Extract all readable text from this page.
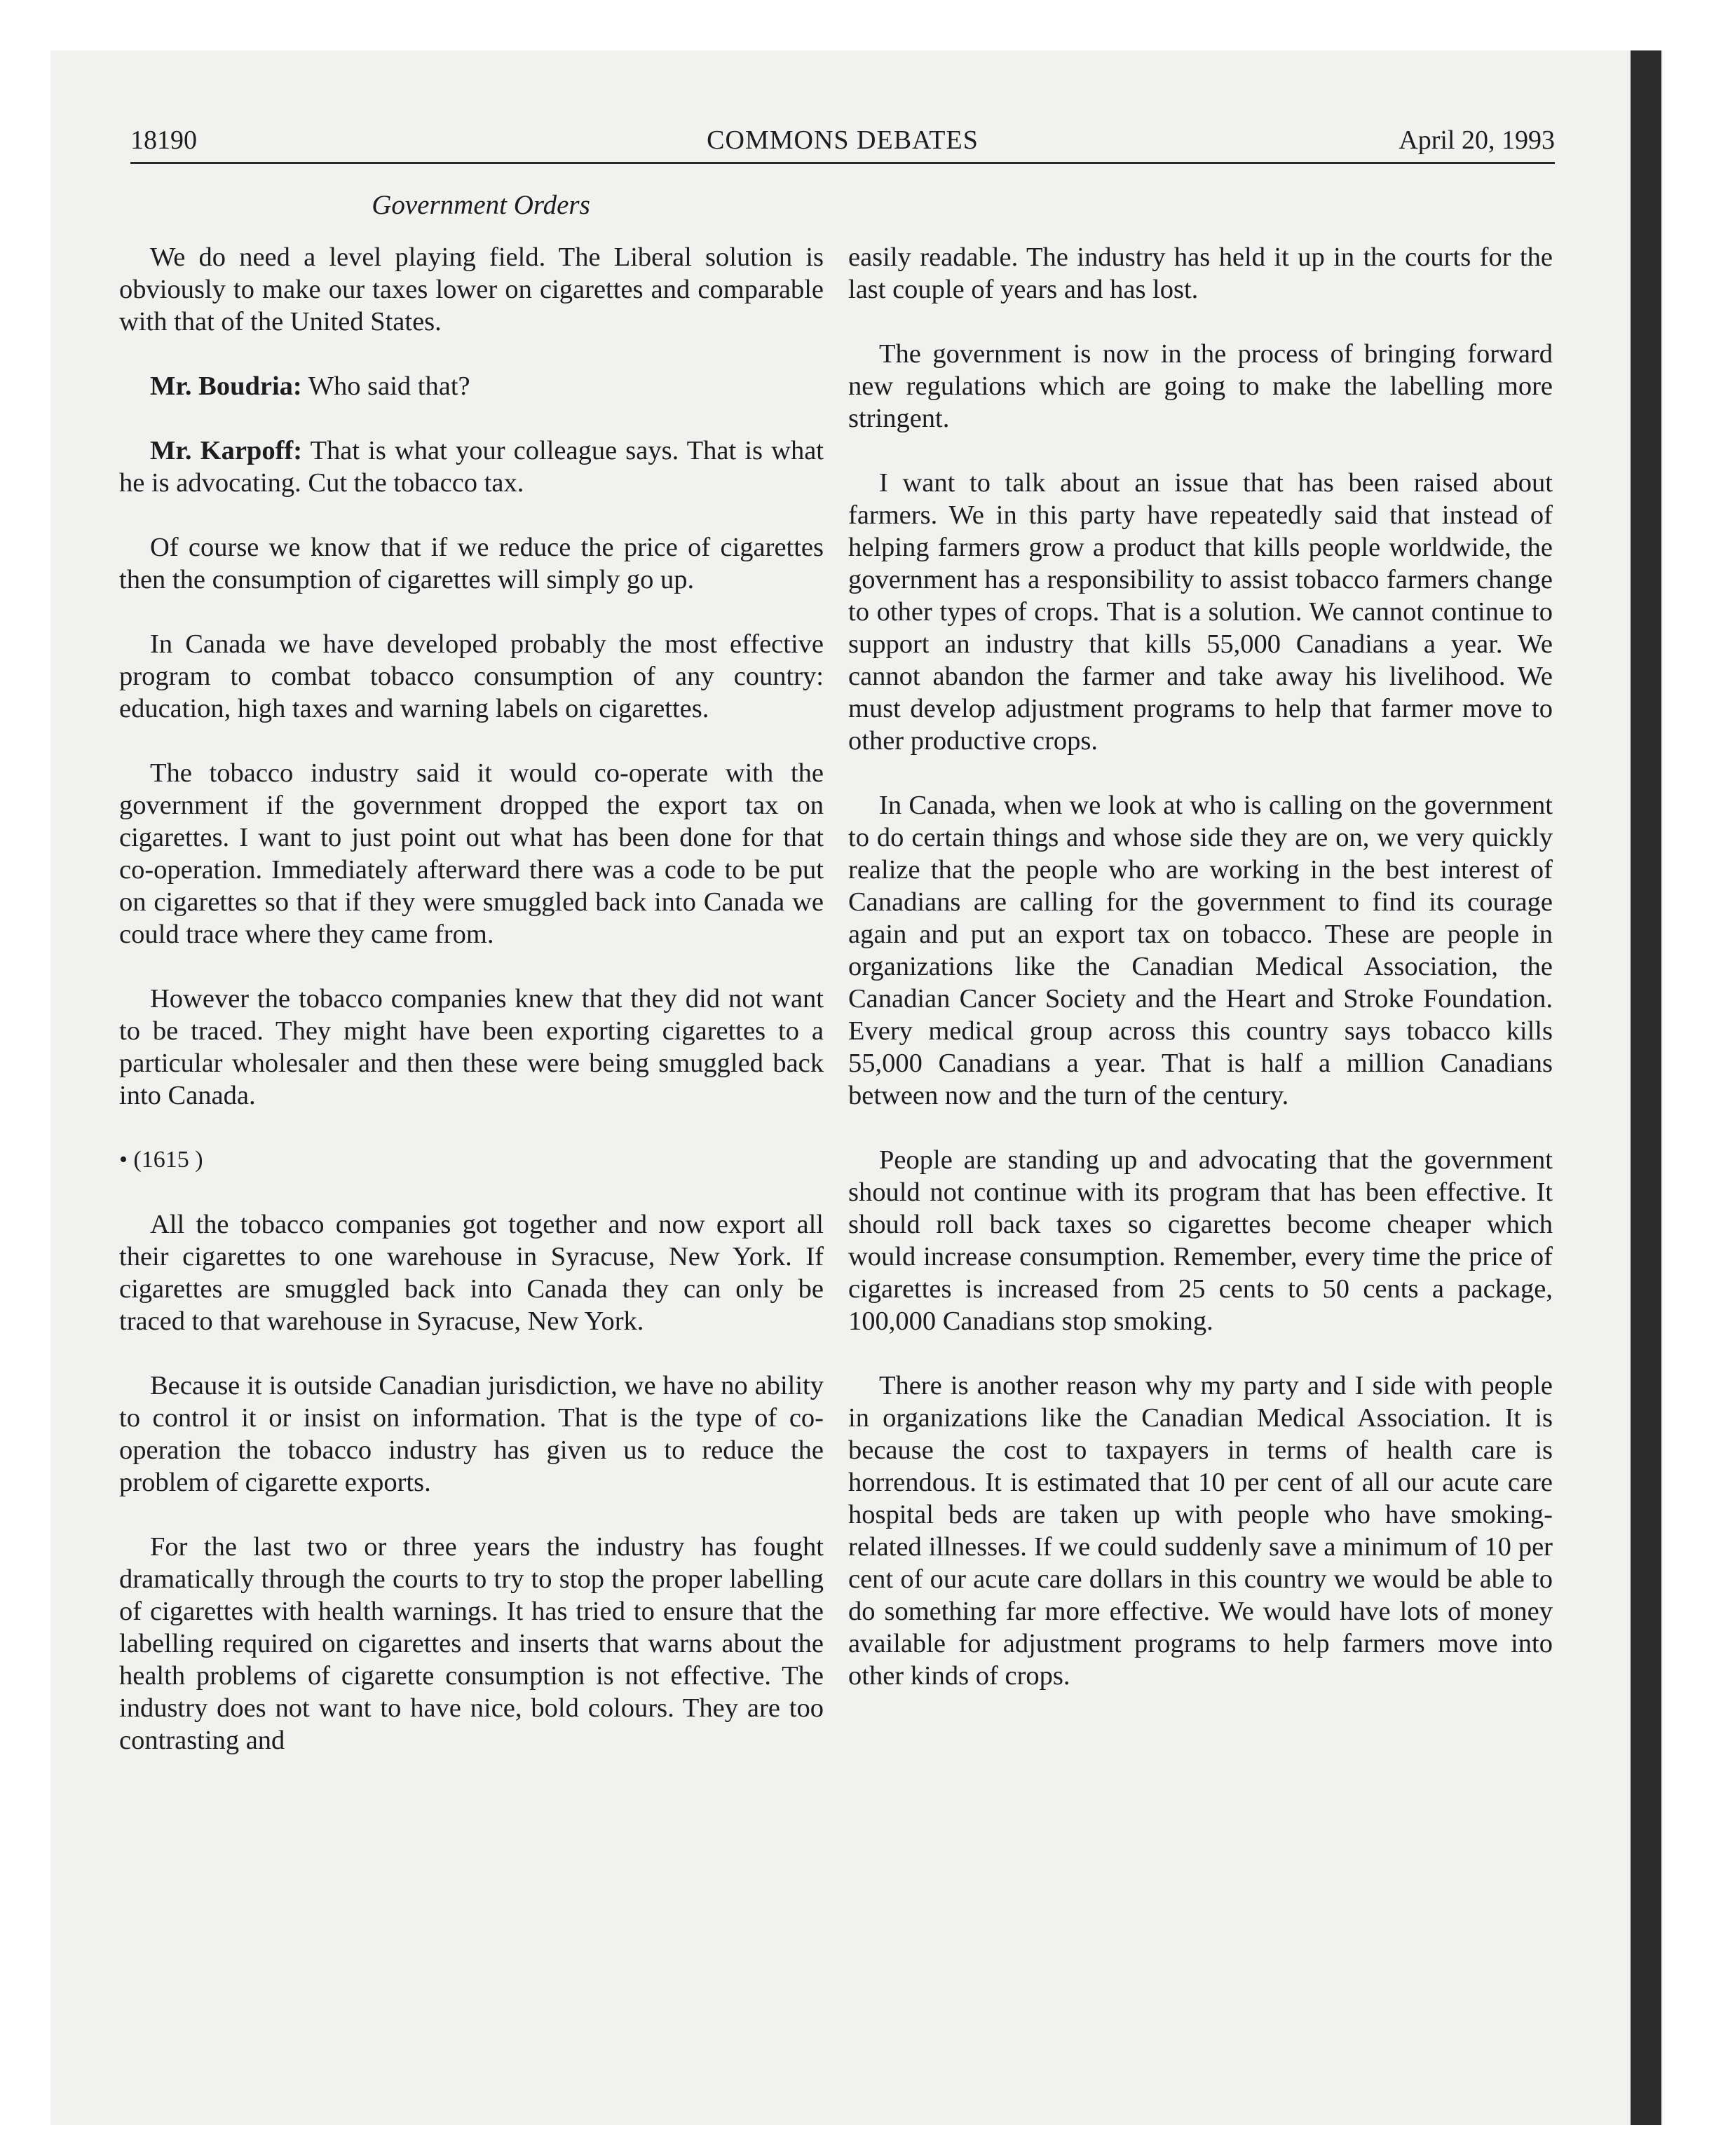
18190	COMMONS DEBATES	April 20, 1993
Government Orders

We do need a level playing field. The Liberal solution is obviously to make our taxes lower on cigarettes and comparable with that of the United States.

Mr. Boudria: Who said that?

Mr. Karpoff: That is what your colleague says. That is what he is advocating. Cut the tobacco tax.

Of course we know that if we reduce the price of cigarettes then the consumption of cigarettes will simply go up.

In Canada we have developed probably the most effective program to combat tobacco consumption of any country: education, high taxes and warning labels on cigarettes.

The tobacco industry said it would co-operate with the government if the government dropped the export tax on cigarettes. I want to just point out what has been done for that co-operation. Immediately afterward there was a code to be put on cigarettes so that if they were smuggled back into Canada we could trace where they came from.

However the tobacco companies knew that they did not want to be traced. They might have been exporting cigarettes to a particular wholesaler and then these were being smuggled back into Canada.

• (1615 )

All the tobacco companies got together and now export all their cigarettes to one warehouse in Syracuse, New York. If cigarettes are smuggled back into Canada they can only be traced to that warehouse in Syracuse, New York.

Because it is outside Canadian jurisdiction, we have no ability to control it or insist on information. That is the type of co-operation the tobacco industry has given us to reduce the problem of cigarette exports.

For the last two or three years the industry has fought dramatically through the courts to try to stop the proper labelling of cigarettes with health warnings. It has tried to ensure that the labelling required on cigarettes and inserts that warns about the health problems of cigarette consumption is not effective. The industry does not want to have nice, bold colours. They are too contrasting and

easily readable. The industry has held it up in the courts for the last couple of years and has lost.

The government is now in the process of bringing forward new regulations which are going to make the labelling more stringent.

I want to talk about an issue that has been raised about farmers. We in this party have repeatedly said that instead of helping farmers grow a product that kills people worldwide, the government has a responsibility to assist tobacco farmers change to other types of crops. That is a solution. We cannot continue to support an industry that kills 55,000 Canadians a year. We cannot abandon the farmer and take away his livelihood. We must develop adjustment programs to help that farmer move to other productive crops.

In Canada, when we look at who is calling on the government to do certain things and whose side they are on, we very quickly realize that the people who are working in the best interest of Canadians are calling for the government to find its courage again and put an export tax on tobacco. These are people in organizations like the Canadian Medical Association, the Canadian Cancer Society and the Heart and Stroke Foundation. Every medical group across this country says tobacco kills 55,000 Canadians a year. That is half a million Canadians between now and the turn of the century.

People are standing up and advocating that the government should not continue with its program that has been effective. It should roll back taxes so cigarettes become cheaper which would increase consumption. Remember, every time the price of cigarettes is increased from 25 cents to 50 cents a package, 100,000 Canadians stop smoking.

There is another reason why my party and I side with people in organizations like the Canadian Medical Association. It is because the cost to taxpayers in terms of health care is horrendous. It is estimated that 10 per cent of all our acute care hospital beds are taken up with people who have smoking-related illnesses. If we could suddenly save a minimum of 10 per cent of our acute care dollars in this country we would be able to do something far more effective. We would have lots of money available for adjustment programs to help farmers move into other kinds of crops.
